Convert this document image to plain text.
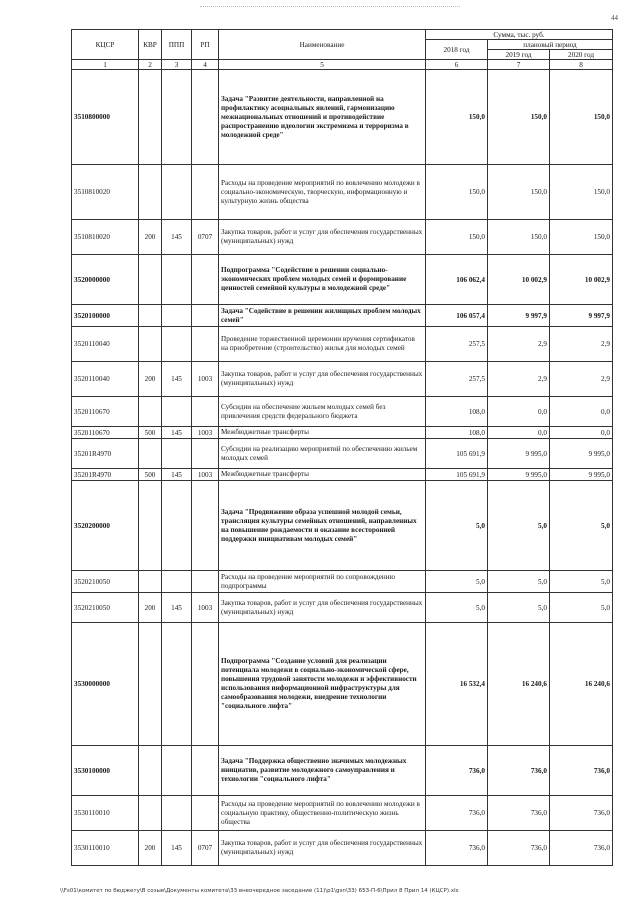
44
КЦСР	КВР	ППП	РП	Наименование	Сумма, тыс. руб.		
					2018 год	плановый период	
						2019 год	2020 год
1	2	3	4	5	6	7	8
3510800000				Задача "Развитие деятельности, направленной на профилактику асоциальных явлений, гармонизацию межнациональных отношений и противодействие распространению идеологии экстремизма и терроризма в молодежной среде"	150,0	150,0	150,0
3510810020				Расходы на проведение мероприятий по вовлечению молодежи в социально-экономическую, творческую, информационную и культурную жизнь общества	150,0	150,0	150,0
3510810020	200	145	0707	Закупка товаров, работ и услуг для обеспечения государственных (муниципальных) нужд	150,0	150,0	150,0
3520000000				Подпрограмма "Содействие в решении социально-экономических проблем молодых семей и формирование ценностей семейной культуры в молодежной среде"	106 062,4	10 002,9	10 002,9
3520100000				Задача "Содействие в решении жилищных проблем молодых семей"	106 057,4	9 997,9	9 997,9
3520110040				Проведение торжественной церемонии вручения сертификатов на приобретение (строительство) жилья для молодых семей	257,5	2,9	2,9
3520110040	200	145	1003	Закупка товаров, работ и услуг для обеспечения государственных (муниципальных) нужд	257,5	2,9	2,9
3520110670				Субсидии на обеспечение жильем молодых семей без привлечения средств федерального бюджета	108,0	0,0	0,0
3520110670	500	145	1003	Межбюджетные трансферты	108,0	0,0	0,0
35201R4970				Субсидии на реализацию мероприятий по обеспечению жильем молодых семей	105 691,9	9 995,0	9 995,0
35201R4970	500	145	1003	Межбюджетные трансферты	105 691,9	9 995,0	9 995,0
3520200000				Задача "Продвижение образа успешной молодой семьи, трансляция культуры семейных отношений, направленных на повышение рождаемости и оказание всесторонней поддержки инициативам молодых семей"	5,0	5,0	5,0
3520210050				Расходы на проведение мероприятий по сопровождению подпрограммы	5,0	5,0	5,0
3520210050	200	145	1003	Закупка товаров, работ и услуг для обеспечения государственных (муниципальных) нужд	5,0	5,0	5,0
3530000000				Подпрограмма "Создание условий для реализации потенциала молодежи в социально-экономической сфере, повышения трудовой занятости молодежи и эффективности использования информационной инфраструктуры для самообразования молодежи, внедрение технологии "социального лифта"	16 532,4	16 240,6	16 240,6
3530100000				Задача "Поддержка общественно значимых молодежных инициатив, развитие молодежного самоуправления и технологии "социального лифта"	736,0	736,0	736,0
3530110010				Расходы на проведение мероприятий по вовлечению молодежи в социальную практику, общественно-политическую жизнь общества	736,0	736,0	736,0
3530110010	200	145	0707	Закупка товаров, работ и услуг для обеспечения государственных (муниципальных) нужд	736,0	736,0	736,0
\\Fs01\комитет по бюджету\В созыв\Документы комитета\33 внеочередное заседание (11)\p1\gsn\33) 653-П-6\Прил 8 Прил 14 (КЦСР).xls
